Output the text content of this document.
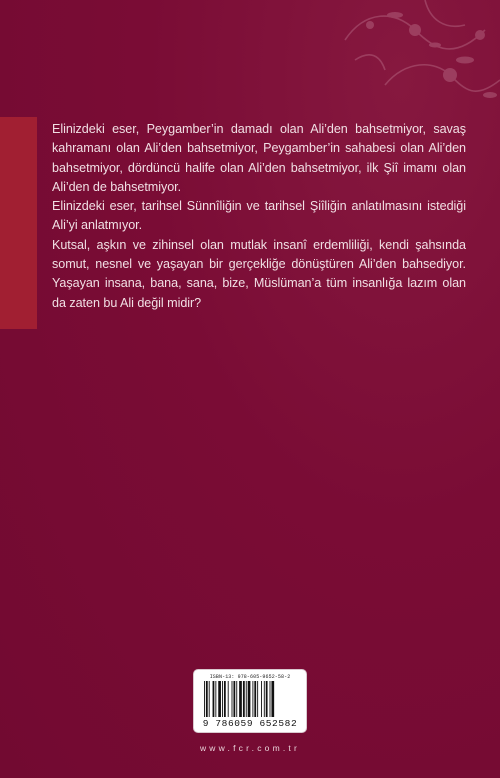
Elinizdeki eser, Peygamber’in damadı olan Ali’den bahsetmiyor, savaş kahramanı olan Ali’den bahsetmiyor, Peygamber’in sahabesi olan Ali’den bahsetmiyor, dördüncü halife olan Ali’den bahsetmiyor, ilk Şiî imamı olan Ali’den de bahsetmiyor.

Elinizdeki eser, tarihsel Sünnîliğin ve tarihsel Şiîliğin anlatılmasını istediği Ali’yi anlatmıyor.

Kutsal, aşkın ve zihinsel olan mutlak insanî erdemliliği, kendi şahsında somut, nesnel ve yaşayan bir gerçekliğe dönüştüren Ali’den bahsediyor. Yaşayan insana, bana, sana, bize, Müslüman’a tüm insanlığa lazım olan da zaten bu Ali değil midir?

ISBN-13: 978-605-9652-58-2
9 786059 652582
www.fcr.com.tr
